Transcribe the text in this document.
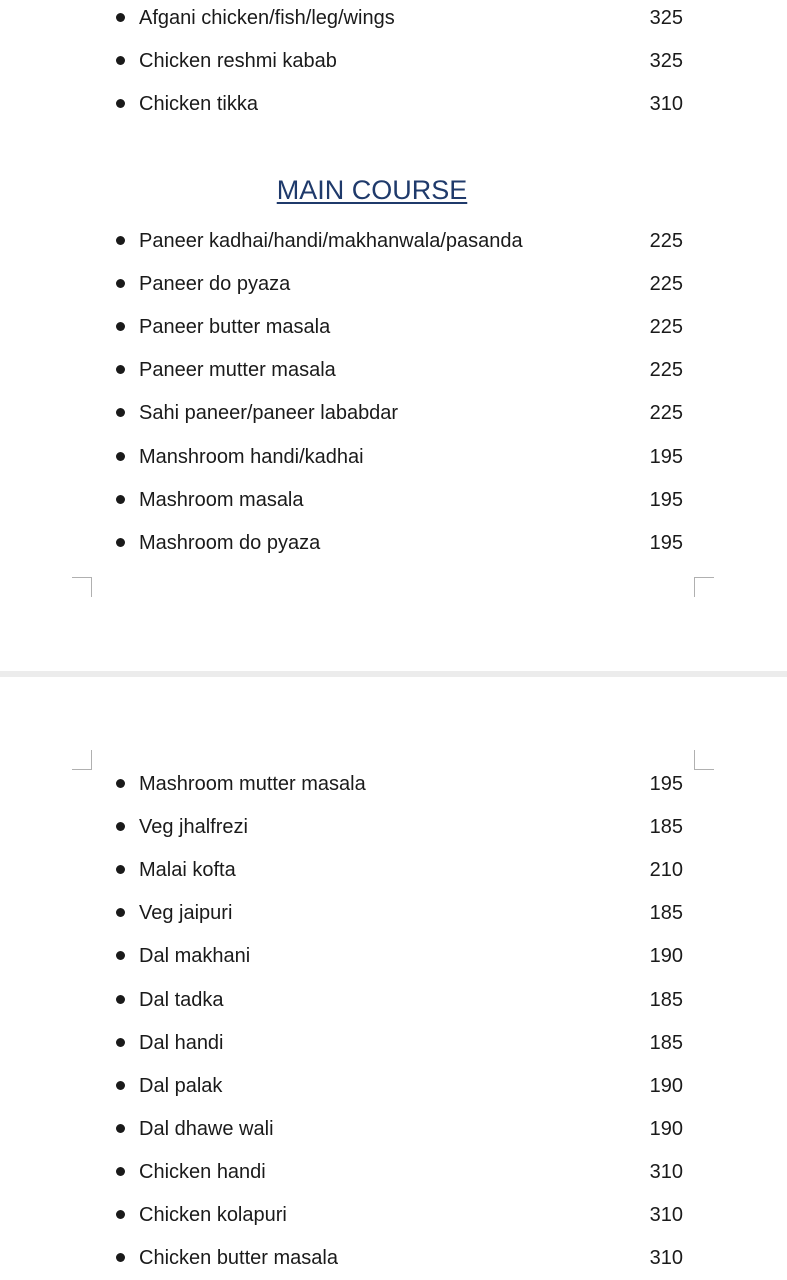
Afgani chicken/fish/leg/wings	325
Chicken reshmi kabab	325
Chicken tikka	310
MAIN COURSE
Paneer kadhai/handi/makhanwala/pasanda	225
Paneer do pyaza	225
Paneer butter masala	225
Paneer mutter masala	225
Sahi paneer/paneer lababdar	225
Manshroom handi/kadhai	195
Mashroom masala	195
Mashroom do pyaza	195
Mashroom mutter masala	195
Veg jhalfrezi	185
Malai kofta	210
Veg jaipuri	185
Dal makhani	190
Dal tadka	185
Dal handi	185
Dal palak	190
Dal dhawe wali	190
Chicken handi	310
Chicken kolapuri	310
Chicken butter masala	310
